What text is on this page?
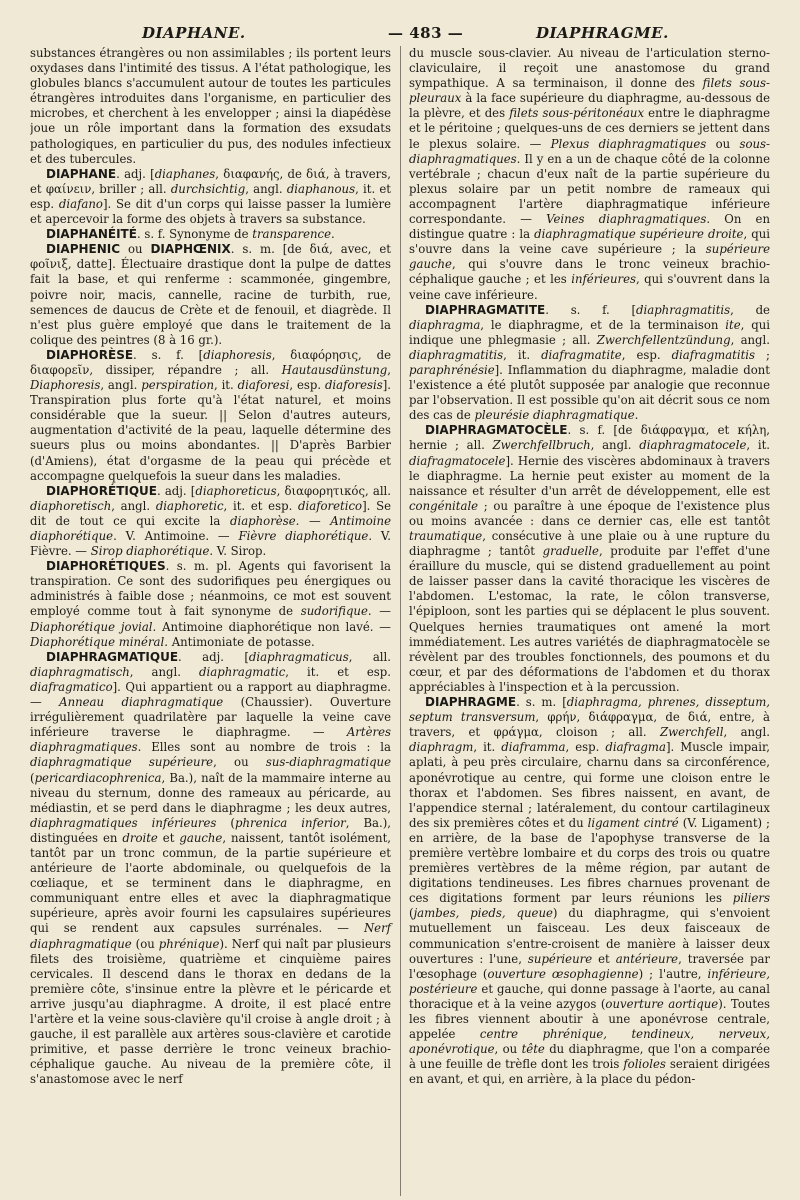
DIAPHANE.	— 483 —	DIAPHRAGME.

substances étrangères ou non assimilables ; ils portent leurs oxydases dans l'intimité des tissus. A l'état pathologique, les globules blancs s'accumulent autour de toutes les particules étrangères introduites dans l'organisme, en particulier des microbes, et cherchent à les envelopper ; ainsi la diapédèse joue un rôle important dans la formation des exsudats pathologiques, en particulier du pus, des nodules infectieux et des tubercules.

DIAPHANE. adj. [diaphanes, διαφανής, de διά, à travers, et φαίνειν, briller ; all. durchsichtig, angl. diaphanous, it. et esp. diafano]. Se dit d'un corps qui laisse passer la lumière et apercevoir la forme des objets à travers sa substance.

DIAPHANÉITÉ. s. f. Synonyme de transparence.

DIAPHENIC ou DIAPHŒNIX. s. m. [de διά, avec, et φοῖνιξ, datte]. Électuaire drastique dont la pulpe de dattes fait la base, et qui renferme : scammonée, gingembre, poivre noir, macis, cannelle, racine de turbith, rue, semences de daucus de Crète et de fenouil, et diagrède. Il n'est plus guère employé que dans le traitement de la colique des peintres (8 à 16 gr.).

DIAPHORÈSE. s. f. [diaphoresis, διαφόρησις, de διαφορεῖν, dissiper, répandre ; all. Hautausdünstung, Diaphoresis, angl. perspiration, it. diaforesi, esp. diaforesis]. Transpiration plus forte qu'à l'état naturel, et moins considérable que la sueur. || Selon d'autres auteurs, augmentation d'activité de la peau, laquelle détermine des sueurs plus ou moins abondantes. || D'après Barbier (d'Amiens), état d'orgasme de la peau qui précède et accompagne quelquefois la sueur dans les maladies.

DIAPHORÉTIQUE. adj. [diaphoreticus, διαφορητικός, all. diaphoretisch, angl. diaphoretic, it. et esp. diaforetico]. Se dit de tout ce qui excite la diaphorèse. — Antimoine diaphorétique. V. Antimoine. — Fièvre diaphorétique. V. Fièvre. — Sirop diaphorétique. V. Sirop.

DIAPHORÉTIQUES. s. m. pl. Agents qui favorisent la transpiration. Ce sont des sudorifiques peu énergiques ou administrés à faible dose ; néanmoins, ce mot est souvent employé comme tout à fait synonyme de sudorifique. — Diaphorétique jovial. Antimoine diaphorétique non lavé. — Diaphorétique minéral. Antimoniate de potasse.

DIAPHRAGMATIQUE. adj. [diaphragmaticus, all. diaphragmatisch, angl. diaphragmatic, it. et esp. diafragmatico]. Qui appartient ou a rapport au diaphragme. — Anneau diaphragmatique (Chaussier). Ouverture irrégulièrement quadrilatère par laquelle la veine cave inférieure traverse le diaphragme. — Artères diaphragmatiques. Elles sont au nombre de trois : la diaphragmatique supérieure, ou sus-diaphragmatique (pericardiacophrenica, Ba.), naît de la mammaire interne au niveau du sternum, donne des rameaux au péricarde, au médiastin, et se perd dans le diaphragme ; les deux autres, diaphragmatiques inférieures (phrenica inferior, Ba.), distinguées en droite et gauche, naissent, tantôt isolément, tantôt par un tronc commun, de la partie supérieure et antérieure de l'aorte abdominale, ou quelquefois de la cœliaque, et se terminent dans le diaphragme, en communiquant entre elles et avec la diaphragmatique supérieure, après avoir fourni les capsulaires supérieures qui se rendent aux capsules surrénales. — Nerf diaphragmatique (ou phrénique). Nerf qui naît par plusieurs filets des troisième, quatrième et cinquième paires cervicales. Il descend dans le thorax en dedans de la première côte, s'insinue entre la plèvre et le péricarde et arrive jusqu'au diaphragme. A droite, il est placé entre l'artère et la veine sous-clavière qu'il croise à angle droit ; à gauche, il est parallèle aux artères sous-clavière et carotide primitive, et passe derrière le tronc veineux brachio-céphalique gauche. Au niveau de la première côte, il s'anastomose avec le nerf

du muscle sous-clavier. Au niveau de l'articulation sterno-claviculaire, il reçoit une anastomose du grand sympathique. A sa terminaison, il donne des filets sous-pleuraux à la face supérieure du diaphragme, au-dessous de la plèvre, et des filets sous-péritonéaux entre le diaphragme et le péritoine ; quelques-uns de ces derniers se jettent dans le plexus solaire. — Plexus diaphragmatiques ou sous-diaphragmatiques. Il y en a un de chaque côté de la colonne vertébrale ; chacun d'eux naît de la partie supérieure du plexus solaire par un petit nombre de rameaux qui accompagnent l'artère diaphragmatique inférieure correspondante. — Veines diaphragmatiques. On en distingue quatre : la diaphragmatique supérieure droite, qui s'ouvre dans la veine cave supérieure ; la supérieure gauche, qui s'ouvre dans le tronc veineux brachio-céphalique gauche ; et les inférieures, qui s'ouvrent dans la veine cave inférieure.

DIAPHRAGMATITE. s. f. [diaphragmatitis, de diaphragma, le diaphragme, et de la terminaison ite, qui indique une phlegmasie ; all. Zwerchfellentzündung, angl. diaphragmatitis, it. diafragmatite, esp. diafragmatitis ; paraphrénésie]. Inflammation du diaphragme, maladie dont l'existence a été plutôt supposée par analogie que reconnue par l'observation. Il est possible qu'on ait décrit sous ce nom des cas de pleurésie diaphragmatique.

DIAPHRAGMATOCÈLE. s. f. [de διάφραγμα, et κήλη, hernie ; all. Zwerchfellbruch, angl. diaphragmatocele, it. diafragmatocele]. Hernie des viscères abdominaux à travers le diaphragme. La hernie peut exister au moment de la naissance et résulter d'un arrêt de développement, elle est congénitale ; ou paraître à une époque de l'existence plus ou moins avancée : dans ce dernier cas, elle est tantôt traumatique, consécutive à une plaie ou à une rupture du diaphragme ; tantôt graduelle, produite par l'effet d'une éraillure du muscle, qui se distend graduellement au point de laisser passer dans la cavité thoracique les viscères de l'abdomen. L'estomac, la rate, le côlon transverse, l'épiploon, sont les parties qui se déplacent le plus souvent. Quelques hernies traumatiques ont amené la mort immédiatement. Les autres variétés de diaphragmatocèle se révèlent par des troubles fonctionnels, des poumons et du cœur, et par des déformations de l'abdomen et du thorax appréciables à l'inspection et à la percussion.

DIAPHRAGME. s. m. [diaphragma, phrenes, disseptum, septum transversum, φρήν, διάφραγμα, de διά, entre, à travers, et φράγμα, cloison ; all. Zwerchfell, angl. diaphragm, it. diaframma, esp. diafragma]. Muscle impair, aplati, à peu près circulaire, charnu dans sa circonférence, aponévrotique au centre, qui forme une cloison entre le thorax et l'abdomen. Ses fibres naissent, en avant, de l'appendice sternal ; latéralement, du contour cartilagineux des six premières côtes et du ligament cintré (V. Ligament) ; en arrière, de la base de l'apophyse transverse de la première vertèbre lombaire et du corps des trois ou quatre premières vertèbres de la même région, par autant de digitations tendineuses. Les fibres charnues provenant de ces digitations forment par leurs réunions les piliers (jambes, pieds, queue) du diaphragme, qui s'envoient mutuellement un faisceau. Les deux faisceaux de communication s'entre-croisent de manière à laisser deux ouvertures : l'une, supérieure et antérieure, traversée par l'œsophage (ouverture œsophagienne) ; l'autre, inférieure, postérieure et gauche, qui donne passage à l'aorte, au canal thoracique et à la veine azygos (ouverture aortique). Toutes les fibres viennent aboutir à une aponévrose centrale, appelée centre phrénique, tendineux, nerveux, aponévrotique, ou tête du diaphragme, que l'on a comparée à une feuille de trèfle dont les trois folioles seraient dirigées en avant, et qui, en arrière, à la place du pédon-
